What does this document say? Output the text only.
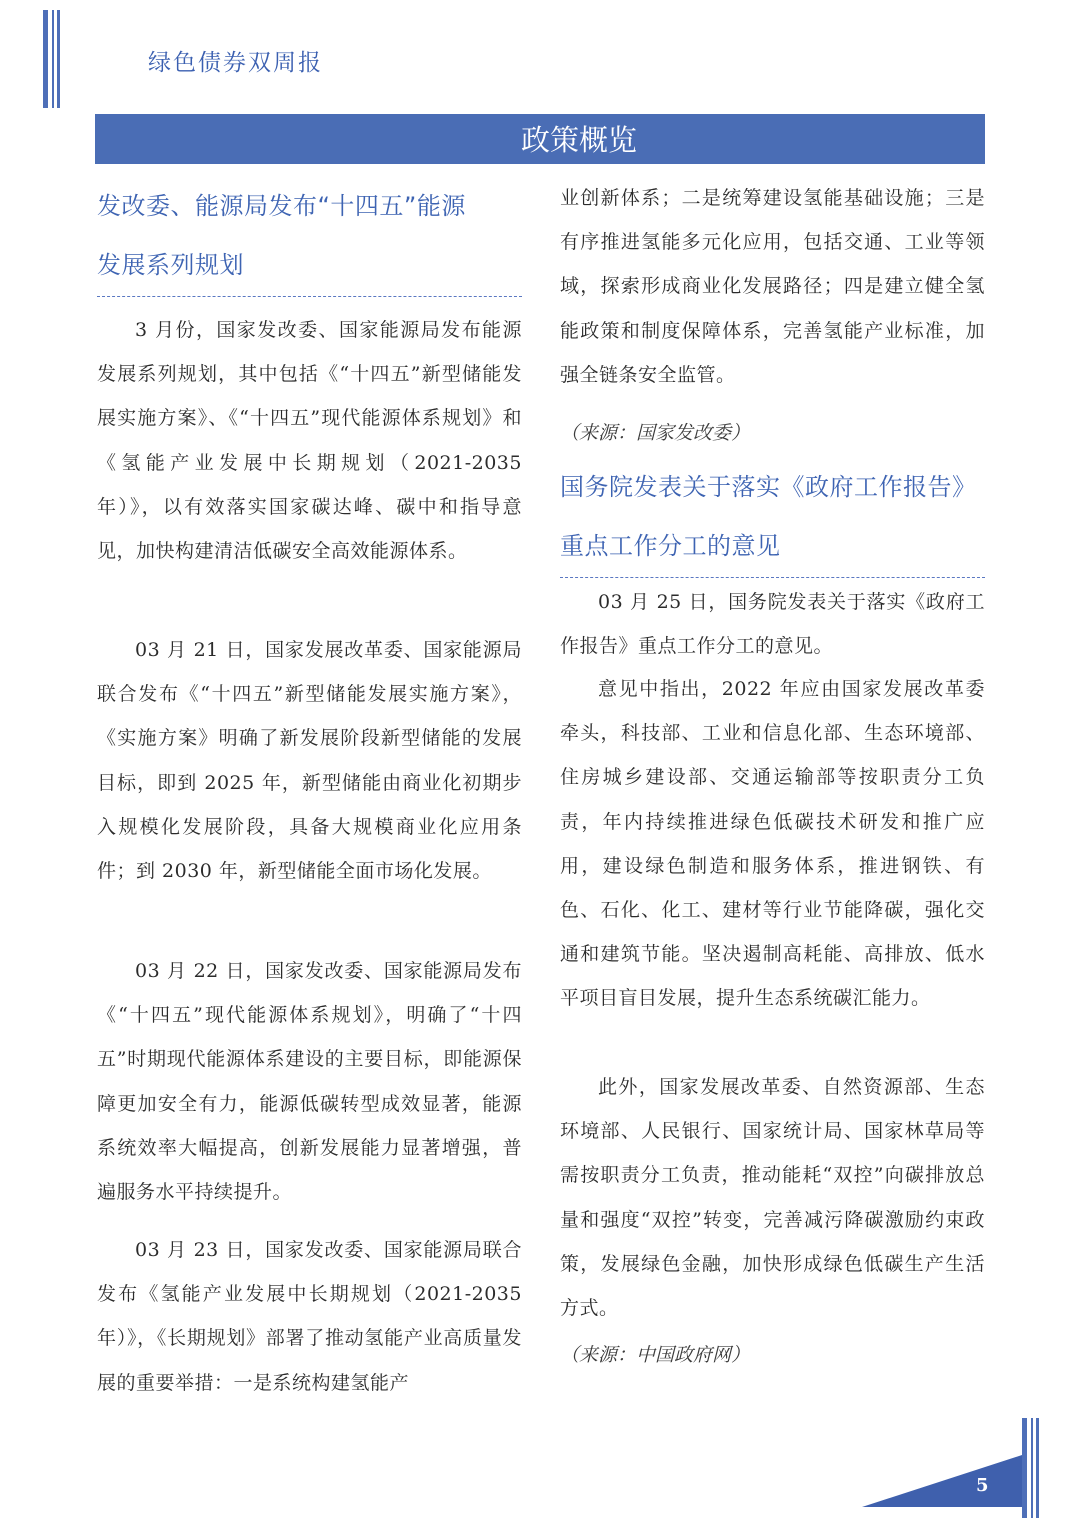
绿色债券双周报
政策概览
发改委、能源局发布“十四五”能源
发展系列规划

3 月份，国家发改委、国家能源局发布能源发展系列规划，其中包括《“十四五”新型储能发展实施方案》、《“十四五”现代能源体系规划》和《氢能产业发展中长期规划（2021-2035 年）》，以有效落实国家碳达峰、碳中和指导意见，加快构建清洁低碳安全高效能源体系。

03 月 21 日，国家发展改革委、国家能源局联合发布《“十四五”新型储能发展实施方案》，《实施方案》明确了新发展阶段新型储能的发展目标，即到 2025 年，新型储能由商业化初期步入规模化发展阶段，具备大规模商业化应用条件；到 2030 年，新型储能全面市场化发展。

03 月 22 日，国家发改委、国家能源局发布《“十四五”现代能源体系规划》，明确了“十四五”时期现代能源体系建设的主要目标，即能源保障更加安全有力，能源低碳转型成效显著，能源系统效率大幅提高，创新发展能力显著增强，普遍服务水平持续提升。

03 月 23 日，国家发改委、国家能源局联合发布《氢能产业发展中长期规划（2021-2035 年）》，《长期规划》部署了推动氢能产业高质量发展的重要举措：一是系统构建氢能产

业创新体系；二是统筹建设氢能基础设施；三是有序推进氢能多元化应用，包括交通、工业等领域，探索形成商业化发展路径；四是建立健全氢能政策和制度保障体系，完善氢能产业标准，加强全链条安全监管。

（来源：国家发改委）
国务院发表关于落实《政府工作报告》
重点工作分工的意见

03 月 25 日，国务院发表关于落实《政府工作报告》重点工作分工的意见。

意见中指出，2022 年应由国家发展改革委牵头，科技部、工业和信息化部、生态环境部、住房城乡建设部、交通运输部等按职责分工负责，年内持续推进绿色低碳技术研发和推广应用，建设绿色制造和服务体系，推进钢铁、有色、石化、化工、建材等行业节能降碳，强化交通和建筑节能。坚决遏制高耗能、高排放、低水平项目盲目发展，提升生态系统碳汇能力。

此外，国家发展改革委、自然资源部、生态环境部、人民银行、国家统计局、国家林草局等需按职责分工负责，推动能耗“双控”向碳排放总量和强度“双控”转变，完善减污降碳激励约束政策，发展绿色金融，加快形成绿色低碳生产生活方式。

（来源：中国政府网）
5
